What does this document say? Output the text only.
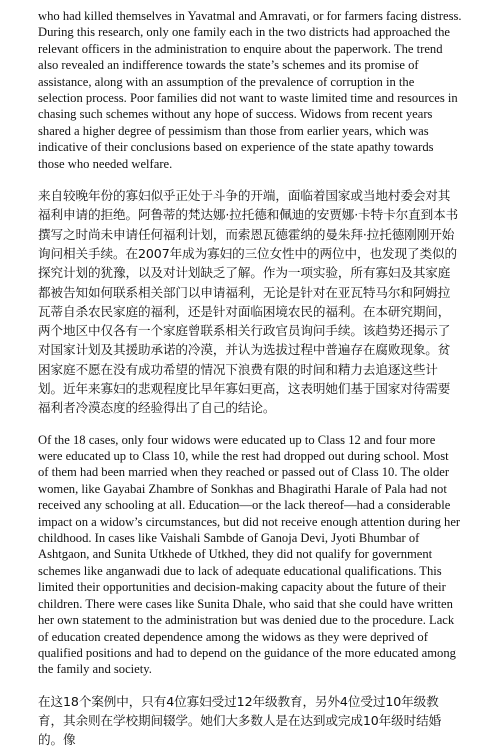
who had killed themselves in Yavatmal and Amravati, or for farmers facing distress. During this research, only one family each in the two districts had approached the relevant officers in the administration to enquire about the paperwork. The trend also revealed an indifference towards the state’s schemes and its promise of assistance, along with an assumption of the prevalence of corruption in the selection process. Poor families did not want to waste limited time and resources in chasing such schemes without any hope of success. Widows from recent years shared a higher degree of pessimism than those from earlier years, which was indicative of their conclusions based on experience of the state apathy towards those who needed welfare.

来自较晚年份的寡妇似乎正处于斗争的开端，面临着国家或当地村委会对其福利申请的拒绝。阿鲁蒂的梵达娜·拉托德和佩迪的安贾娜·卡特卡尔直到本书撰写之时尚未申请任何福利计划，而索恩瓦德霍纳的曼朱拜·拉托德刚刚开始询问相关手续。在2007年成为寡妇的三位女性中的两位中，也发现了类似的探究计划的犹豫，以及对计划缺乏了解。作为一项实验，所有寡妇及其家庭都被告知如何联系相关部门以申请福利，无论是针对在亚瓦特马尔和阿姆拉瓦蒂自杀农民家庭的福利，还是针对面临困境农民的福利。在本研究期间，两个地区中仅各有一个家庭曾联系相关行政官员询问手续。该趋势还揭示了对国家计划及其援助承诺的冷漠，并认为选拔过程中普遍存在腐败现象。贫困家庭不愿在没有成功希望的情况下浪费有限的时间和精力去追逐这些计划。近年来寡妇的悲观程度比早年寡妇更高，这表明她们基于国家对待需要福利者冷漠态度的经验得出了自己的结论。

Of the 18 cases, only four widows were educated up to Class 12 and four more were educated up to Class 10, while the rest had dropped out during school. Most of them had been married when they reached or passed out of Class 10. The older women, like Gayabai Zhambre of Sonkhas and Bhagirathi Harale of Pala had not received any schooling at all. Education—or the lack thereof—had a considerable impact on a widow’s circumstances, but did not receive enough attention during her childhood. In cases like Vaishali Sambde of Ganoja Devi, Jyoti Bhumbar of Ashtgaon, and Sunita Utkhede of Utkhed, they did not qualify for government schemes like anganwadi due to lack of adequate educational qualifications. This limited their opportunities and decision-making capacity about the future of their children. There were cases like Sunita Dhale, who said that she could have written her own statement to the administration but was denied due to the procedure. Lack of education created dependence among the widows as they were deprived of qualified positions and had to depend on the guidance of the more educated among the family and society.

在这18个案例中，只有4位寡妇受过12年级教育，另外4位受过10年级教育，其余则在学校期间辍学。她们大多数人是在达到或完成10年级时结婚的。像
